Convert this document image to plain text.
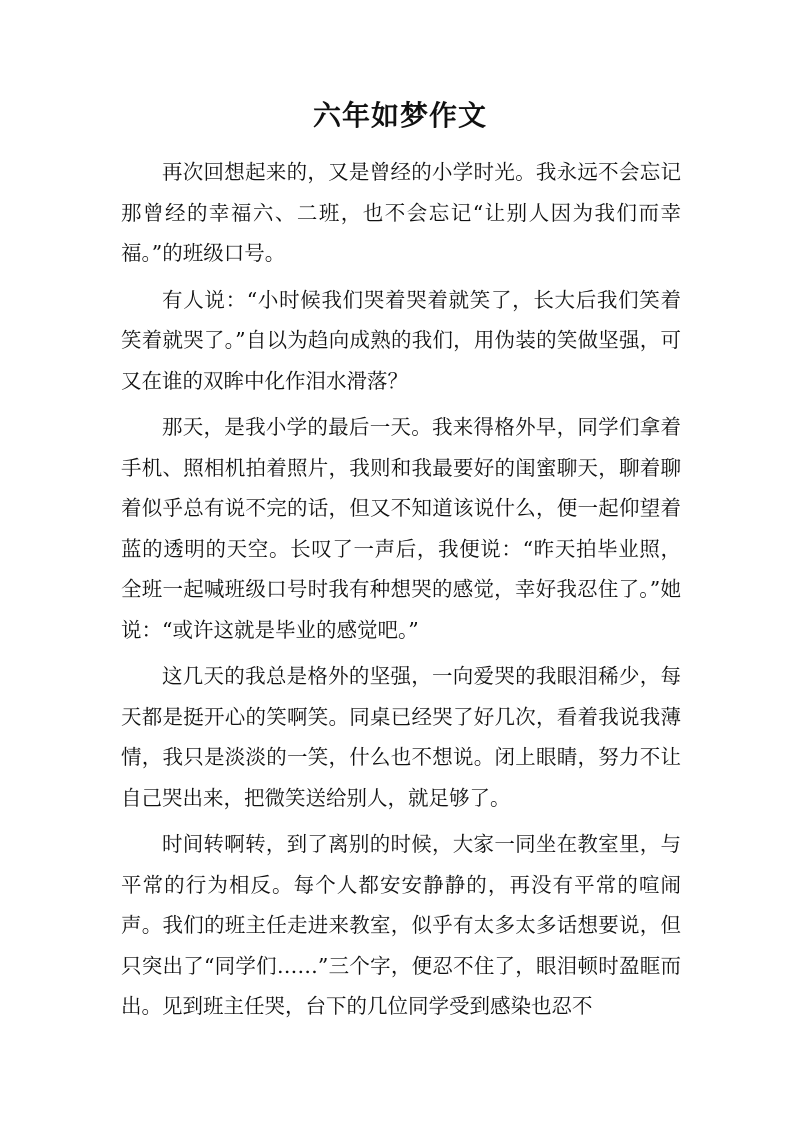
六年如梦作文

再次回想起来的，又是曾经的小学时光。我永远不会忘记那曾经的幸福六、二班，也不会忘记“让别人因为我们而幸福。”的班级口号。

有人说：“小时候我们哭着哭着就笑了，长大后我们笑着笑着就哭了。”自以为趋向成熟的我们，用伪装的笑做坚强，可又在谁的双眸中化作泪水滑落？

那天，是我小学的最后一天。我来得格外早，同学们拿着手机、照相机拍着照片，我则和我最要好的闺蜜聊天，聊着聊着似乎总有说不完的话，但又不知道该说什么，便一起仰望着蓝的透明的天空。长叹了一声后，我便说：“昨天拍毕业照，全班一起喊班级口号时我有种想哭的感觉，幸好我忍住了。”她说：“或许这就是毕业的感觉吧。”

这几天的我总是格外的坚强，一向爱哭的我眼泪稀少，每天都是挺开心的笑啊笑。同桌已经哭了好几次，看着我说我薄情，我只是淡淡的一笑，什么也不想说。闭上眼睛，努力不让自己哭出来，把微笑送给别人，就足够了。

时间转啊转，到了离别的时候，大家一同坐在教室里，与平常的行为相反。每个人都安安静静的，再没有平常的喧闹声。我们的班主任走进来教室，似乎有太多太多话想要说，但只突出了“同学们……”三个字，便忍不住了，眼泪顿时盈眶而出。见到班主任哭，台下的几位同学受到感染也忍不
